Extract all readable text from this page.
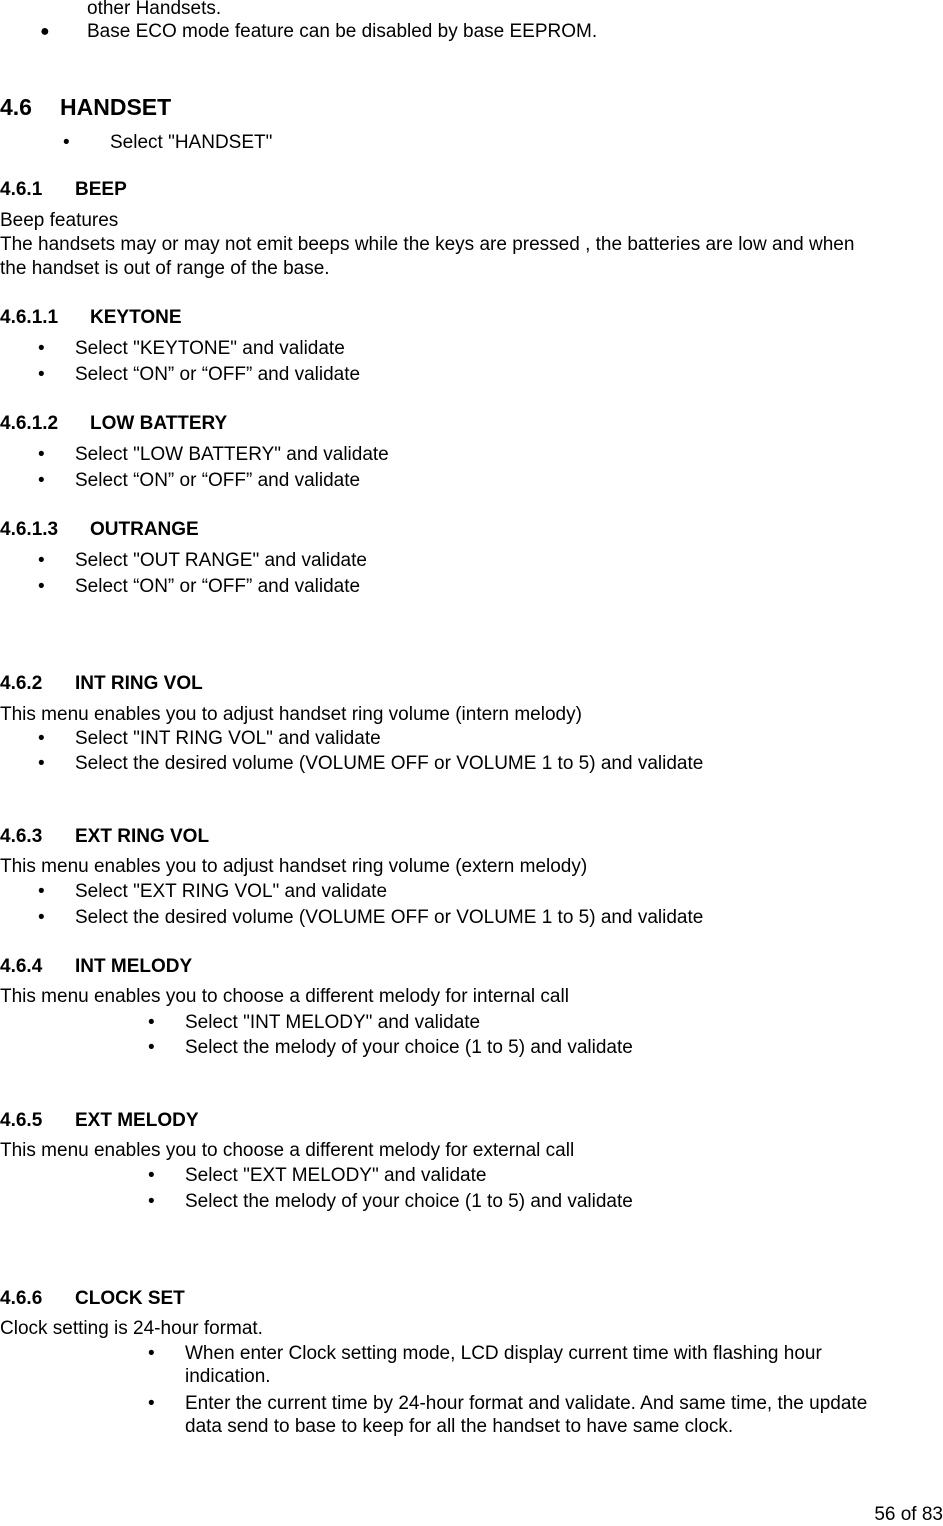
other Handsets.
● Base ECO mode feature can be disabled by base EEPROM.
4.6 HANDSET
• Select "HANDSET"
4.6.1 BEEP
Beep features
The handsets may or may not emit beeps while the keys are pressed , the batteries are low and when
the handset is out of range of the base.
4.6.1.1 KEYTONE
• Select "KEYTONE" and validate
• Select “ON” or “OFF” and validate
4.6.1.2 LOW BATTERY
• Select "LOW BATTERY" and validate
• Select “ON” or “OFF” and validate
4.6.1.3 OUTRANGE
• Select "OUT RANGE" and validate
• Select “ON” or “OFF” and validate
4.6.2 INT RING VOL
This menu enables you to adjust handset ring volume (intern melody)
• Select "INT RING VOL" and validate
• Select the desired volume (VOLUME OFF or VOLUME 1 to 5) and validate
4.6.3 EXT RING VOL
This menu enables you to adjust handset ring volume (extern melody)
• Select "EXT RING VOL" and validate
• Select the desired volume (VOLUME OFF or VOLUME 1 to 5) and validate
4.6.4 INT MELODY
This menu enables you to choose a different melody for internal call
• Select "INT MELODY" and validate
• Select the melody of your choice (1 to 5) and validate
4.6.5 EXT MELODY
This menu enables you to choose a different melody for external call
• Select "EXT MELODY" and validate
• Select the melody of your choice (1 to 5) and validate
4.6.6 CLOCK SET
Clock setting is 24-hour format.
• When enter Clock setting mode, LCD display current time with flashing hour
indication.
• Enter the current time by 24-hour format and validate. And same time, the update
data send to base to keep for all the handset to have same clock.
56 of 83
